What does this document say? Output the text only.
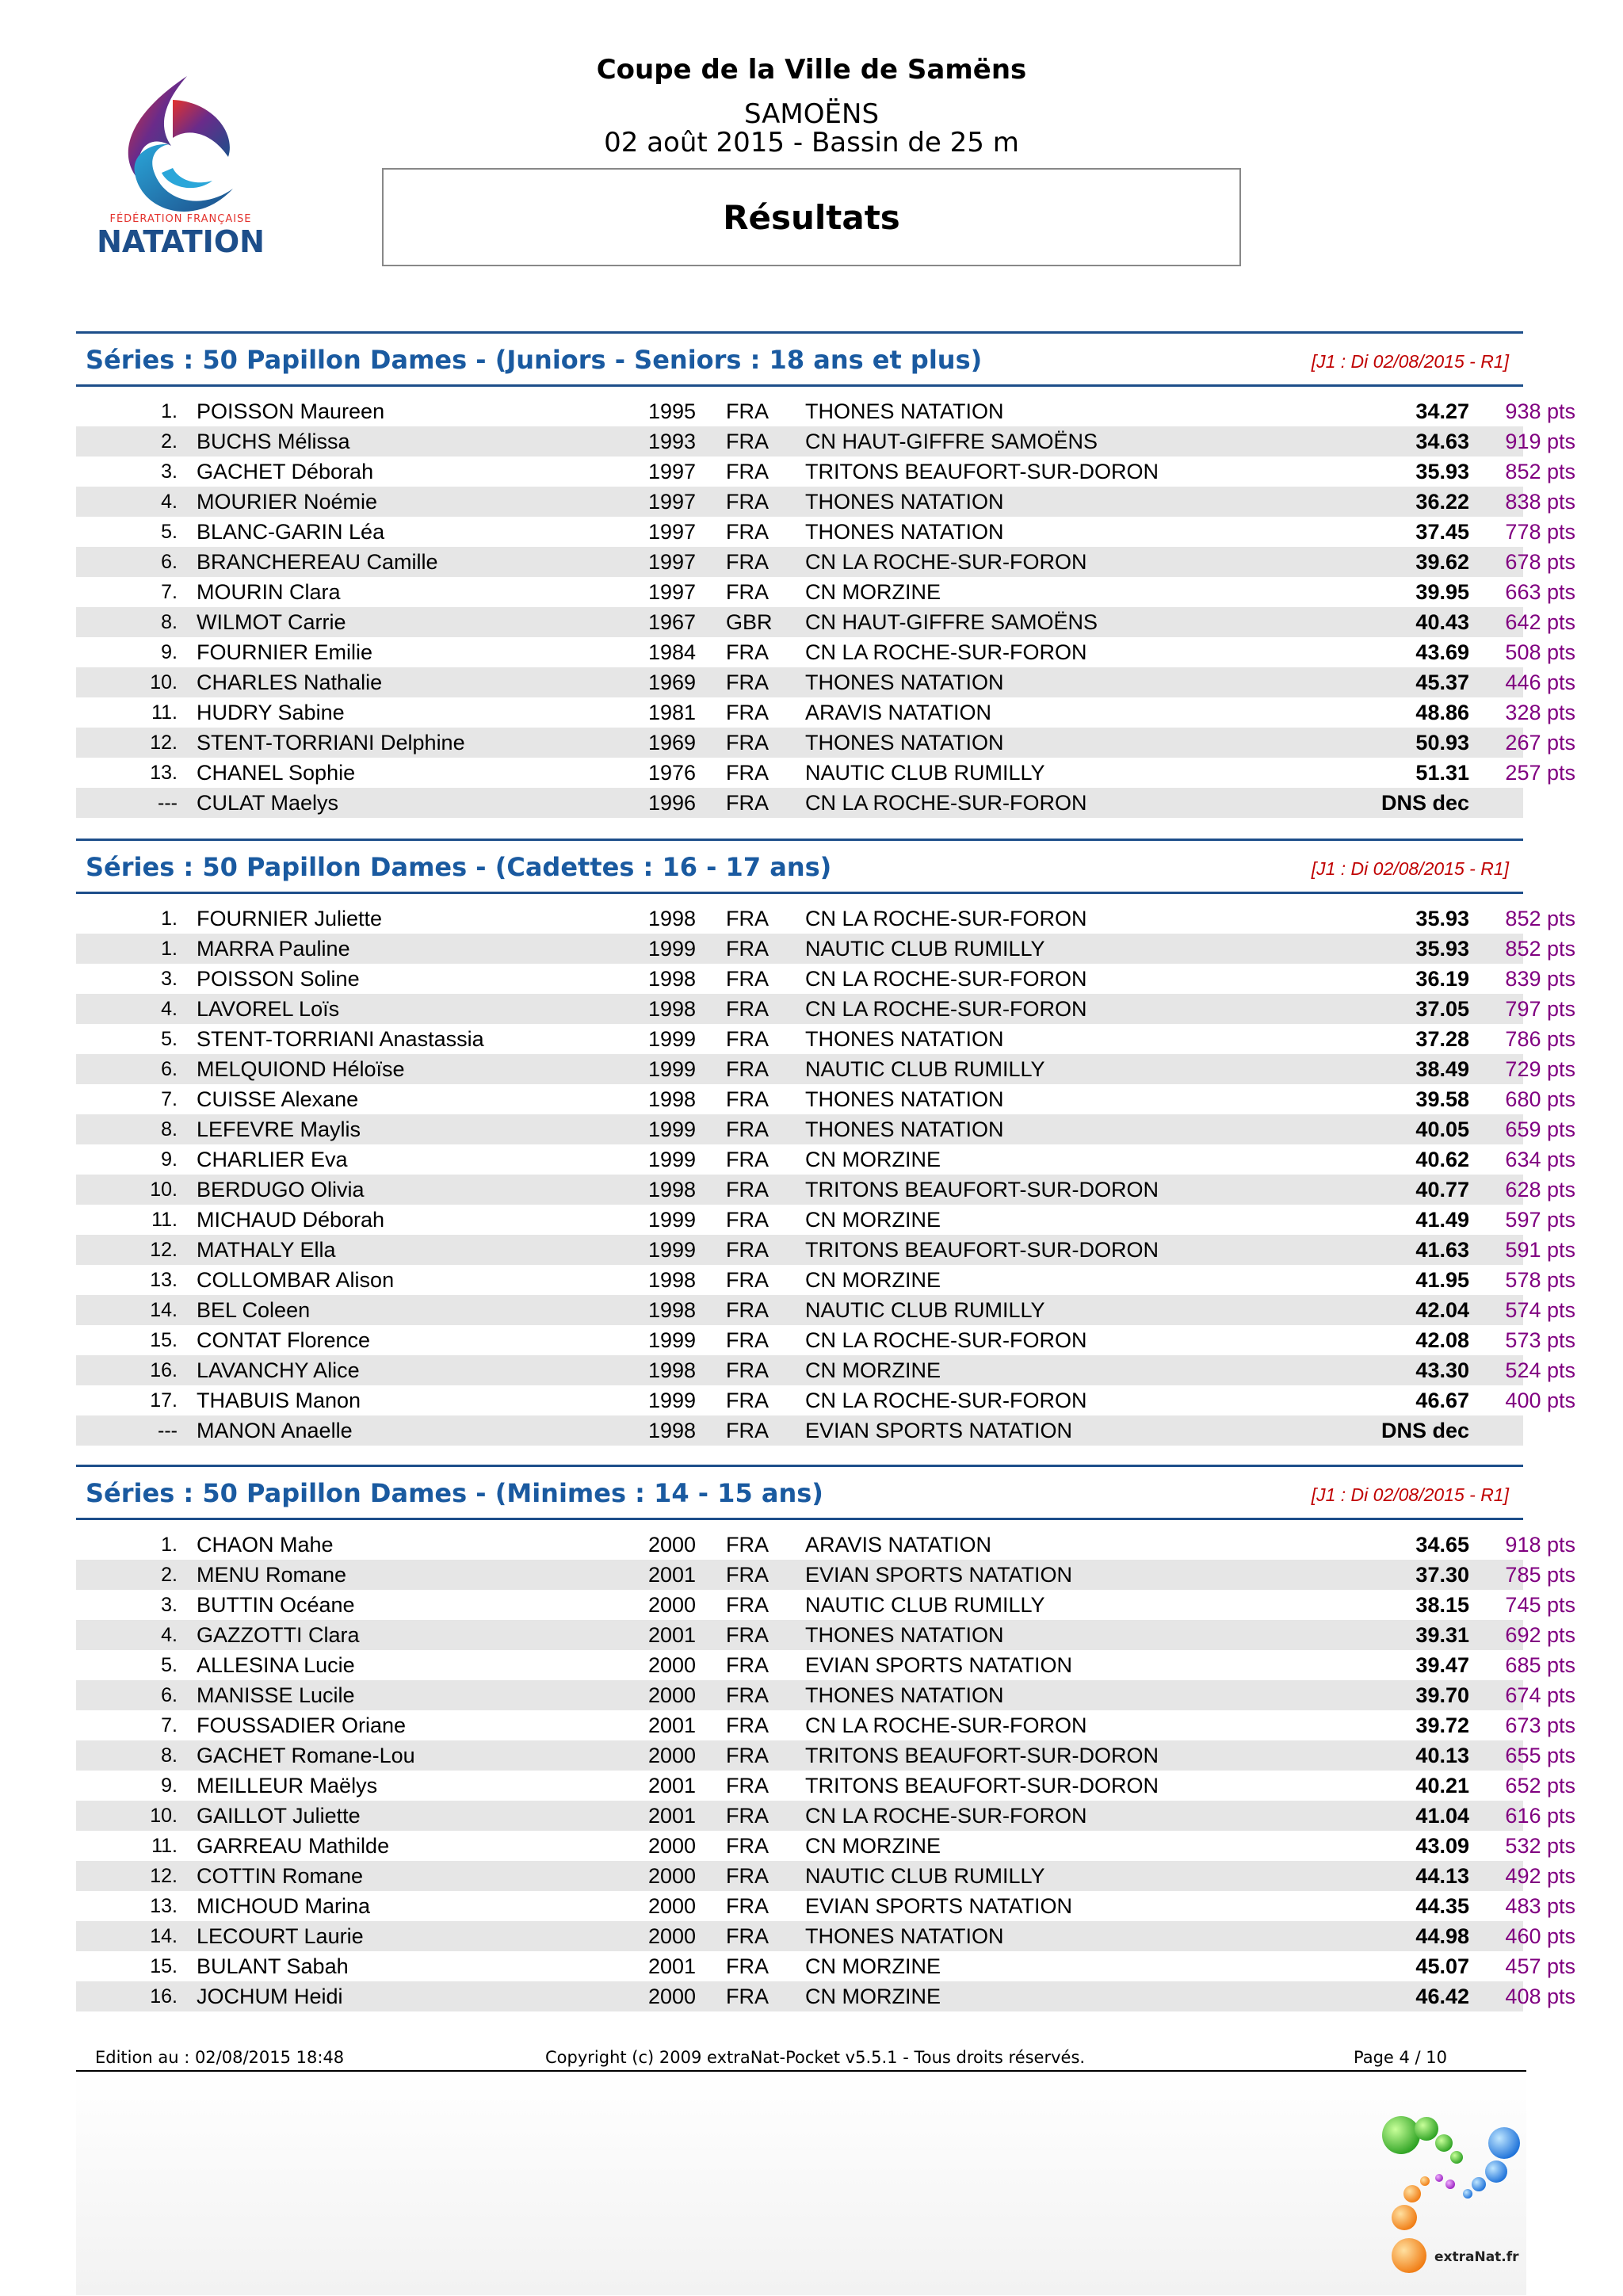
FÉDÉRATION FRANÇAISE
NATATION
Coupe de la Ville de Samëns
SAMOËNS
02 août 2015 - Bassin de 25 m
Résultats
Séries : 50 Papillon Dames - (Juniors - Seniors : 18 ans et plus)	[J1 : Di 02/08/2015 - R1]
1. POISSON Maureen	1995 FRA THONES NATATION	34.27	938 pts
2. BUCHS Mélissa	1993 FRA CN HAUT-GIFFRE SAMOËNS	34.63	919 pts
3. GACHET Déborah	1997 FRA TRITONS BEAUFORT-SUR-DORON	35.93	852 pts
4. MOURIER Noémie	1997 FRA THONES NATATION	36.22	838 pts
5. BLANC-GARIN Léa	1997 FRA THONES NATATION	37.45	778 pts
6. BRANCHEREAU Camille	1997 FRA CN LA ROCHE-SUR-FORON	39.62	678 pts
7. MOURIN Clara	1997 FRA CN MORZINE	39.95	663 pts
8. WILMOT Carrie	1967 GBR CN HAUT-GIFFRE SAMOËNS	40.43	642 pts
9. FOURNIER Emilie	1984 FRA CN LA ROCHE-SUR-FORON	43.69	508 pts
10. CHARLES Nathalie	1969 FRA THONES NATATION	45.37	446 pts
11. HUDRY Sabine	1981 FRA ARAVIS NATATION	48.86	328 pts
12. STENT-TORRIANI Delphine	1969 FRA THONES NATATION	50.93	267 pts
13. CHANEL Sophie	1976 FRA NAUTIC CLUB RUMILLY	51.31	257 pts
--- CULAT Maelys	1996 FRA CN LA ROCHE-SUR-FORON	DNS dec
Séries : 50 Papillon Dames - (Cadettes : 16 - 17 ans)	[J1 : Di 02/08/2015 - R1]
1. FOURNIER Juliette	1998 FRA CN LA ROCHE-SUR-FORON	35.93	852 pts
1. MARRA Pauline	1999 FRA NAUTIC CLUB RUMILLY	35.93	852 pts
3. POISSON Soline	1998 FRA CN LA ROCHE-SUR-FORON	36.19	839 pts
4. LAVOREL Loïs	1998 FRA CN LA ROCHE-SUR-FORON	37.05	797 pts
5. STENT-TORRIANI Anastassia	1999 FRA THONES NATATION	37.28	786 pts
6. MELQUIOND Héloïse	1999 FRA NAUTIC CLUB RUMILLY	38.49	729 pts
7. CUISSE Alexane	1998 FRA THONES NATATION	39.58	680 pts
8. LEFEVRE Maylis	1999 FRA THONES NATATION	40.05	659 pts
9. CHARLIER Eva	1999 FRA CN MORZINE	40.62	634 pts
10. BERDUGO Olivia	1998 FRA TRITONS BEAUFORT-SUR-DORON	40.77	628 pts
11. MICHAUD Déborah	1999 FRA CN MORZINE	41.49	597 pts
12. MATHALY Ella	1999 FRA TRITONS BEAUFORT-SUR-DORON	41.63	591 pts
13. COLLOMBAR Alison	1998 FRA CN MORZINE	41.95	578 pts
14. BEL Coleen	1998 FRA NAUTIC CLUB RUMILLY	42.04	574 pts
15. CONTAT Florence	1999 FRA CN LA ROCHE-SUR-FORON	42.08	573 pts
16. LAVANCHY Alice	1998 FRA CN MORZINE	43.30	524 pts
17. THABUIS Manon	1999 FRA CN LA ROCHE-SUR-FORON	46.67	400 pts
--- MANON Anaelle	1998 FRA EVIAN SPORTS NATATION	DNS dec
Séries : 50 Papillon Dames - (Minimes : 14 - 15 ans)	[J1 : Di 02/08/2015 - R1]
1. CHAON Mahe	2000 FRA ARAVIS NATATION	34.65	918 pts
2. MENU Romane	2001 FRA EVIAN SPORTS NATATION	37.30	785 pts
3. BUTTIN Océane	2000 FRA NAUTIC CLUB RUMILLY	38.15	745 pts
4. GAZZOTTI Clara	2001 FRA THONES NATATION	39.31	692 pts
5. ALLESINA Lucie	2000 FRA EVIAN SPORTS NATATION	39.47	685 pts
6. MANISSE Lucile	2000 FRA THONES NATATION	39.70	674 pts
7. FOUSSADIER Oriane	2001 FRA CN LA ROCHE-SUR-FORON	39.72	673 pts
8. GACHET Romane-Lou	2000 FRA TRITONS BEAUFORT-SUR-DORON	40.13	655 pts
9. MEILLEUR Maëlys	2001 FRA TRITONS BEAUFORT-SUR-DORON	40.21	652 pts
10. GAILLOT Juliette	2001 FRA CN LA ROCHE-SUR-FORON	41.04	616 pts
11. GARREAU Mathilde	2000 FRA CN MORZINE	43.09	532 pts
12. COTTIN Romane	2000 FRA NAUTIC CLUB RUMILLY	44.13	492 pts
13. MICHOUD Marina	2000 FRA EVIAN SPORTS NATATION	44.35	483 pts
14. LECOURT Laurie	2000 FRA THONES NATATION	44.98	460 pts
15. BULANT Sabah	2001 FRA CN MORZINE	45.07	457 pts
16. JOCHUM Heidi	2000 FRA CN MORZINE	46.42	408 pts
Edition au : 02/08/2015 18:48	Copyright (c) 2009 extraNat-Pocket v5.5.1 - Tous droits réservés.	Page 4 / 10
extraNat.fr
